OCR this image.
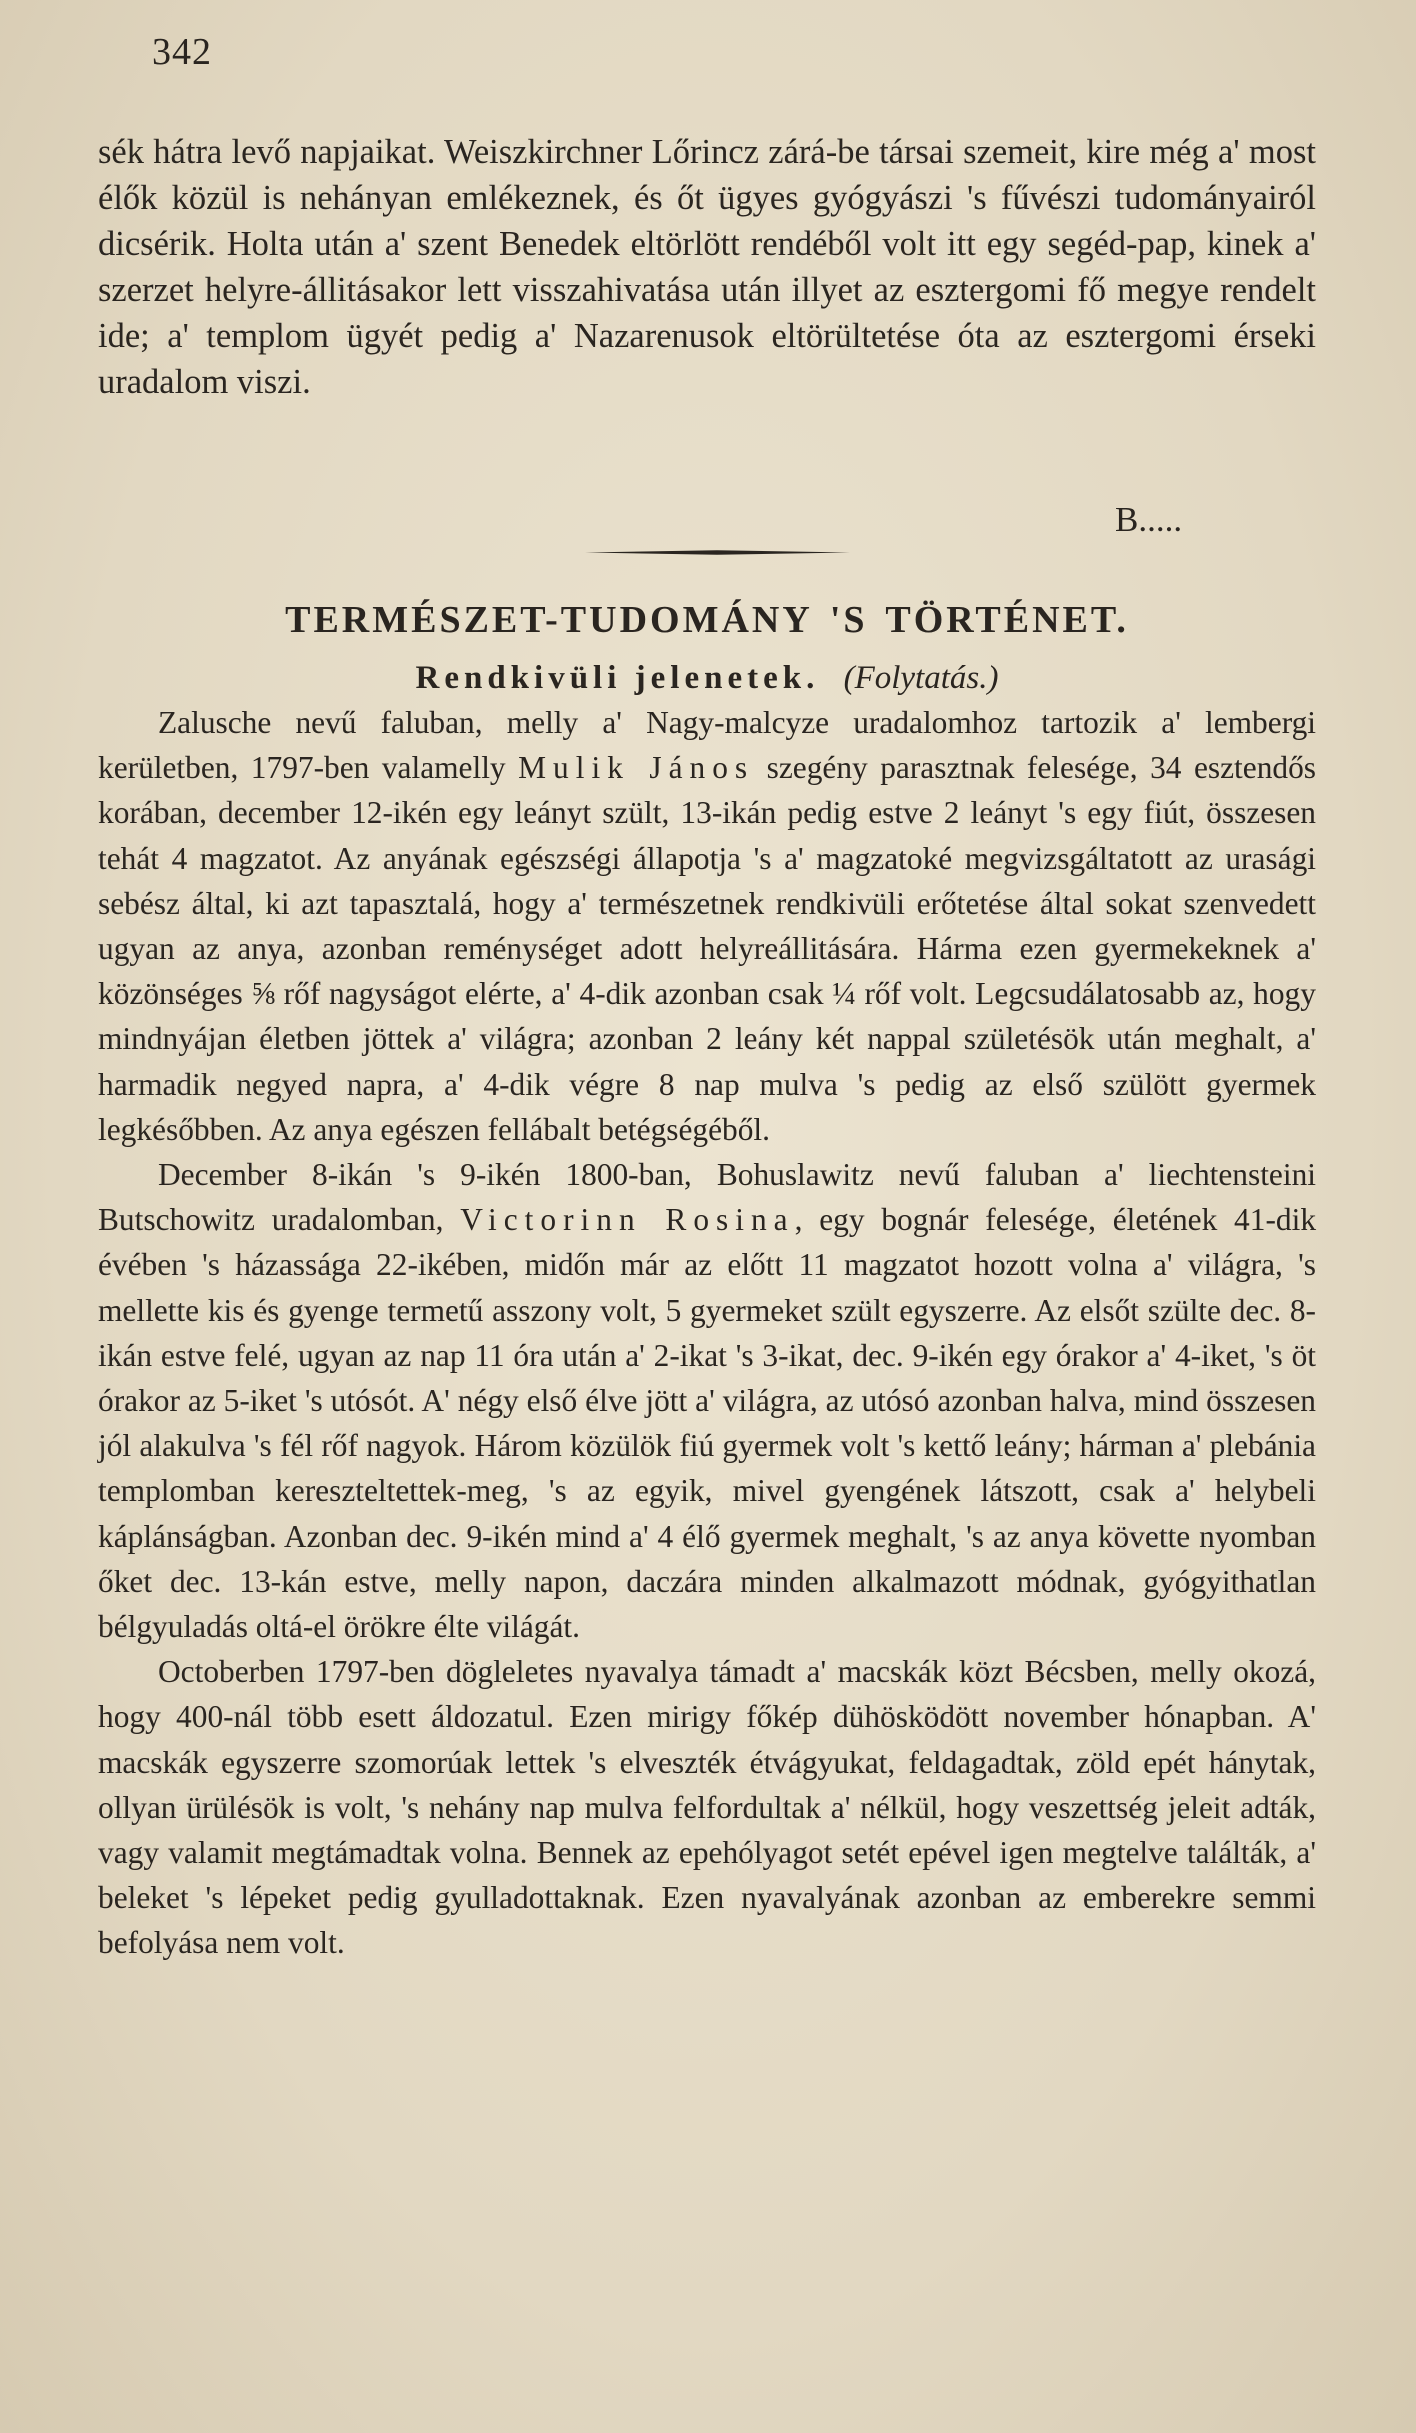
342

sék hátra levő napjaikat. Weiszkirchner Lőrincz zárá-be társai szemeit, kire még a' most élők közül is nehányan emlékeznek, és őt ügyes gyógyászi 's fűvészi tudományairól dicsérik. Holta után a' szent Benedek eltörlött rendéből volt itt egy segéd-pap, kinek a' szerzet helyre-állitásakor lett visszahivatása után illyet az esztergomi fő megye rendelt ide; a' templom ügyét pedig a' Nazarenusok eltörültetése óta az esztergomi érseki uradalom viszi.

B.....

TERMÉSZET-TUDOMÁNY 'S TÖRTÉNET.

Rendkivüli jelenetek. (Folytatás.)

Zalusche nevű faluban, melly a' Nagy-malcyze uradalomhoz tartozik a' lembergi kerületben, 1797-ben valamelly Mulik János szegény parasztnak felesége, 34 esztendős korában, december 12-ikén egy leányt szült, 13-ikán pedig estve 2 leányt 's egy fiút, összesen tehát 4 magzatot. Az anyának egészségi állapotja 's a' magzatoké megvizsgáltatott az urasági sebész által, ki azt tapasztalá, hogy a' természetnek rendkivüli erőtetése által sokat szenvedett ugyan az anya, azonban reménységet adott helyreállitására. Hárma ezen gyermekeknek a' közönséges ⅝ rőf nagyságot elérte, a' 4-dik azonban csak ¼ rőf volt. Legcsudálatosabb az, hogy mindnyájan életben jöttek a' világra; azonban 2 leány két nappal születésök után meghalt, a' harmadik negyed napra, a' 4-dik végre 8 nap mulva 's pedig az első szülött gyermek legkésőbben. Az anya egészen fellábalt betégségéből.

December 8-ikán 's 9-ikén 1800-ban, Bohuslawitz nevű faluban a' liechtensteini Butschowitz uradalomban, Victorinn Rosina, egy bognár felesége, életének 41-dik évében 's házassága 22-ikében, midőn már az előtt 11 magzatot hozott volna a' világra, 's mellette kis és gyenge termetű asszony volt, 5 gyermeket szült egyszerre. Az elsőt szülte dec. 8-ikán estve felé, ugyan az nap 11 óra után a' 2-ikat 's 3-ikat, dec. 9-ikén egy órakor a' 4-iket, 's öt órakor az 5-iket 's utósót. A' négy első élve jött a' világra, az utósó azonban halva, mind összesen jól alakulva 's fél rőf nagyok. Három közülök fiú gyermek volt 's kettő leány; hárman a' plebánia templomban kereszteltettek-meg, 's az egyik, mivel gyengének látszott, csak a' helybeli káplánságban. Azonban dec. 9-ikén mind a' 4 élő gyermek meghalt, 's az anya követte nyomban őket dec. 13-kán estve, melly napon, daczára minden alkalmazott módnak, gyógyithatlan bélgyuladás oltá-el örökre élte világát.

Octoberben 1797-ben dögleletes nyavalya támadt a' macskák közt Bécsben, melly okozá, hogy 400-nál több esett áldozatul. Ezen mirigy főkép dühösködött november hónapban. A' macskák egyszerre szomorúak lettek 's elveszték étvágyukat, feldagadtak, zöld epét hánytak, ollyan ürülésök is volt, 's nehány nap mulva felfordultak a' nélkül, hogy veszettség jeleit adták, vagy valamit megtámadtak volna. Bennek az epehólyagot setét epével igen megtelve találták, a' beleket 's lépeket pedig gyulladottaknak. Ezen nyavalyának azonban az emberekre semmi befolyása nem volt.
